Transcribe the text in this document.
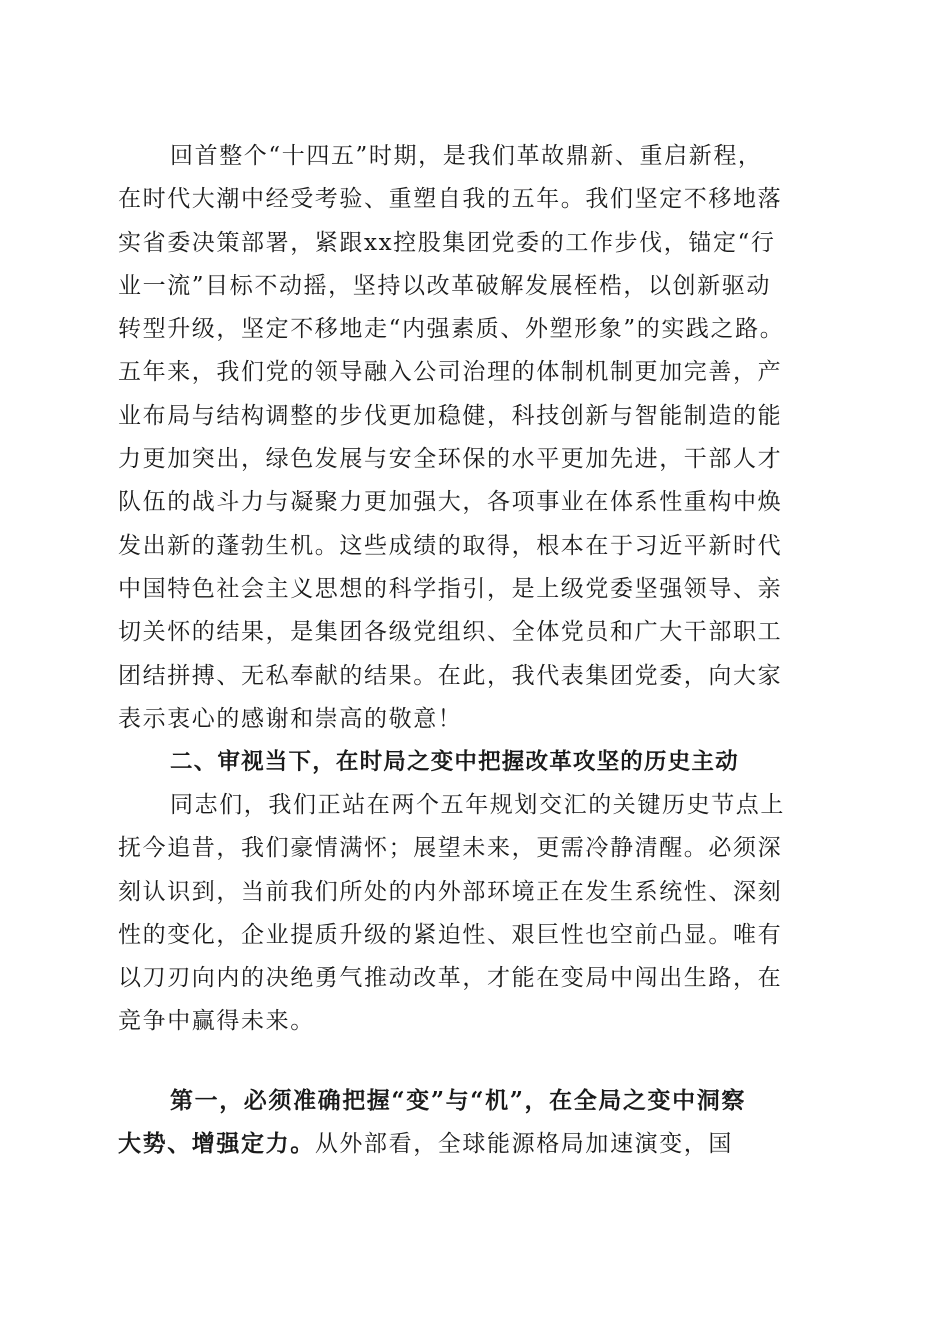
回首整个“十四五”时期，是我们革故鼎新、重启新程，
在时代大潮中经受考验、重塑自我的五年。我们坚定不移地落
实省委决策部署，紧跟xx控股集团党委的工作步伐，锚定“行
业一流”目标不动摇，坚持以改革破解发展桎梏，以创新驱动
转型升级，坚定不移地走“内强素质、外塑形象”的实践之路。
五年来，我们党的领导融入公司治理的体制机制更加完善，产
业布局与结构调整的步伐更加稳健，科技创新与智能制造的能
力更加突出，绿色发展与安全环保的水平更加先进，干部人才
队伍的战斗力与凝聚力更加强大，各项事业在体系性重构中焕
发出新的蓬勃生机。这些成绩的取得，根本在于习近平新时代
中国特色社会主义思想的科学指引，是上级党委坚强领导、亲
切关怀的结果，是集团各级党组织、全体党员和广大干部职工
团结拼搏、无私奉献的结果。在此，我代表集团党委，向大家
表示衷心的感谢和崇高的敬意！
二、审视当下，在时局之变中把握改革攻坚的历史主动
同志们，我们正站在两个五年规划交汇的关键历史节点上
抚今追昔，我们豪情满怀；展望未来，更需冷静清醒。必须深
刻认识到，当前我们所处的内外部环境正在发生系统性、深刻
性的变化，企业提质升级的紧迫性、艰巨性也空前凸显。唯有
以刀刃向内的决绝勇气推动改革，才能在变局中闯出生路，在
竞争中赢得未来。
第一，必须准确把握“变”与“机”，在全局之变中洞察
大势、增强定力。从外部看，全球能源格局加速演变，国
